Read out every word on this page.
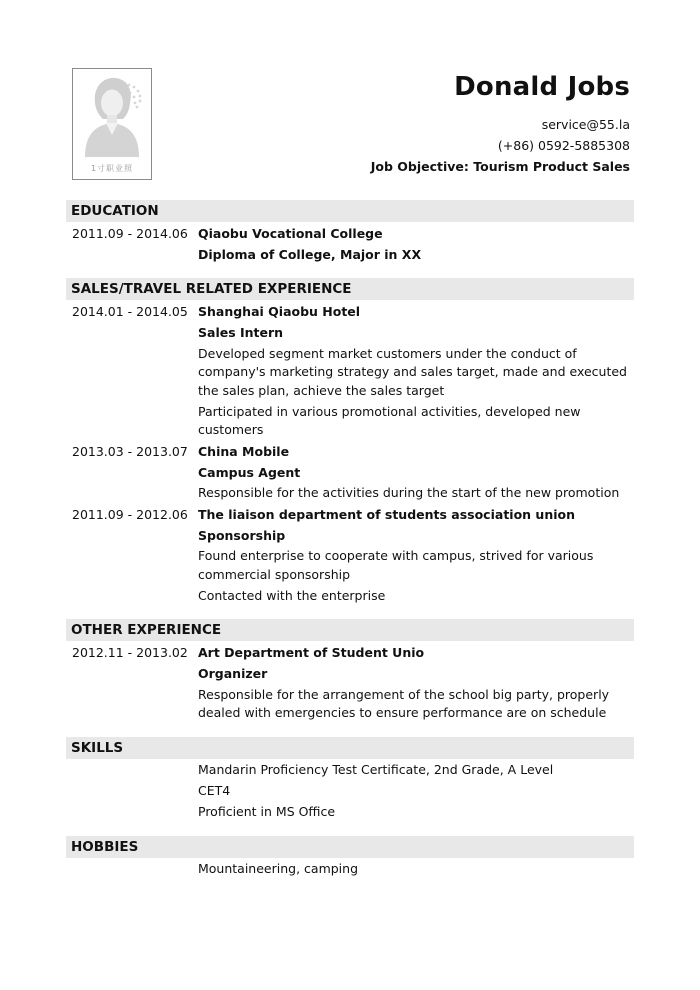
1寸职业照
Donald Jobs
service@55.la
(+86) 0592-5885308
Job Objective: Tourism Product Sales
EDUCATION
2011.09 - 2014.06 Qiaobu Vocational College
Diploma of College, Major in XX
SALES/TRAVEL RELATED EXPERIENCE
2014.01 - 2014.05 Shanghai Qiaobu Hotel
Sales Intern
Developed segment market customers under the conduct of company's marketing strategy and sales target, made and executed the sales plan, achieve the sales target
Participated in various promotional activities, developed new customers
2013.03 - 2013.07 China Mobile
Campus Agent
Responsible for the activities during the start of the new promotion
2011.09 - 2012.06 The liaison department of students association union
Sponsorship
Found enterprise to cooperate with campus, strived for various commercial sponsorship
Contacted with the enterprise
OTHER EXPERIENCE
2012.11 - 2013.02 Art Department of Student Unio
Organizer
Responsible for the arrangement of the school big party, properly dealed with emergencies to ensure performance are on schedule
SKILLS
Mandarin Proficiency Test Certificate, 2nd Grade, A Level
CET4
Proficient in MS Office
HOBBIES
Mountaineering, camping
